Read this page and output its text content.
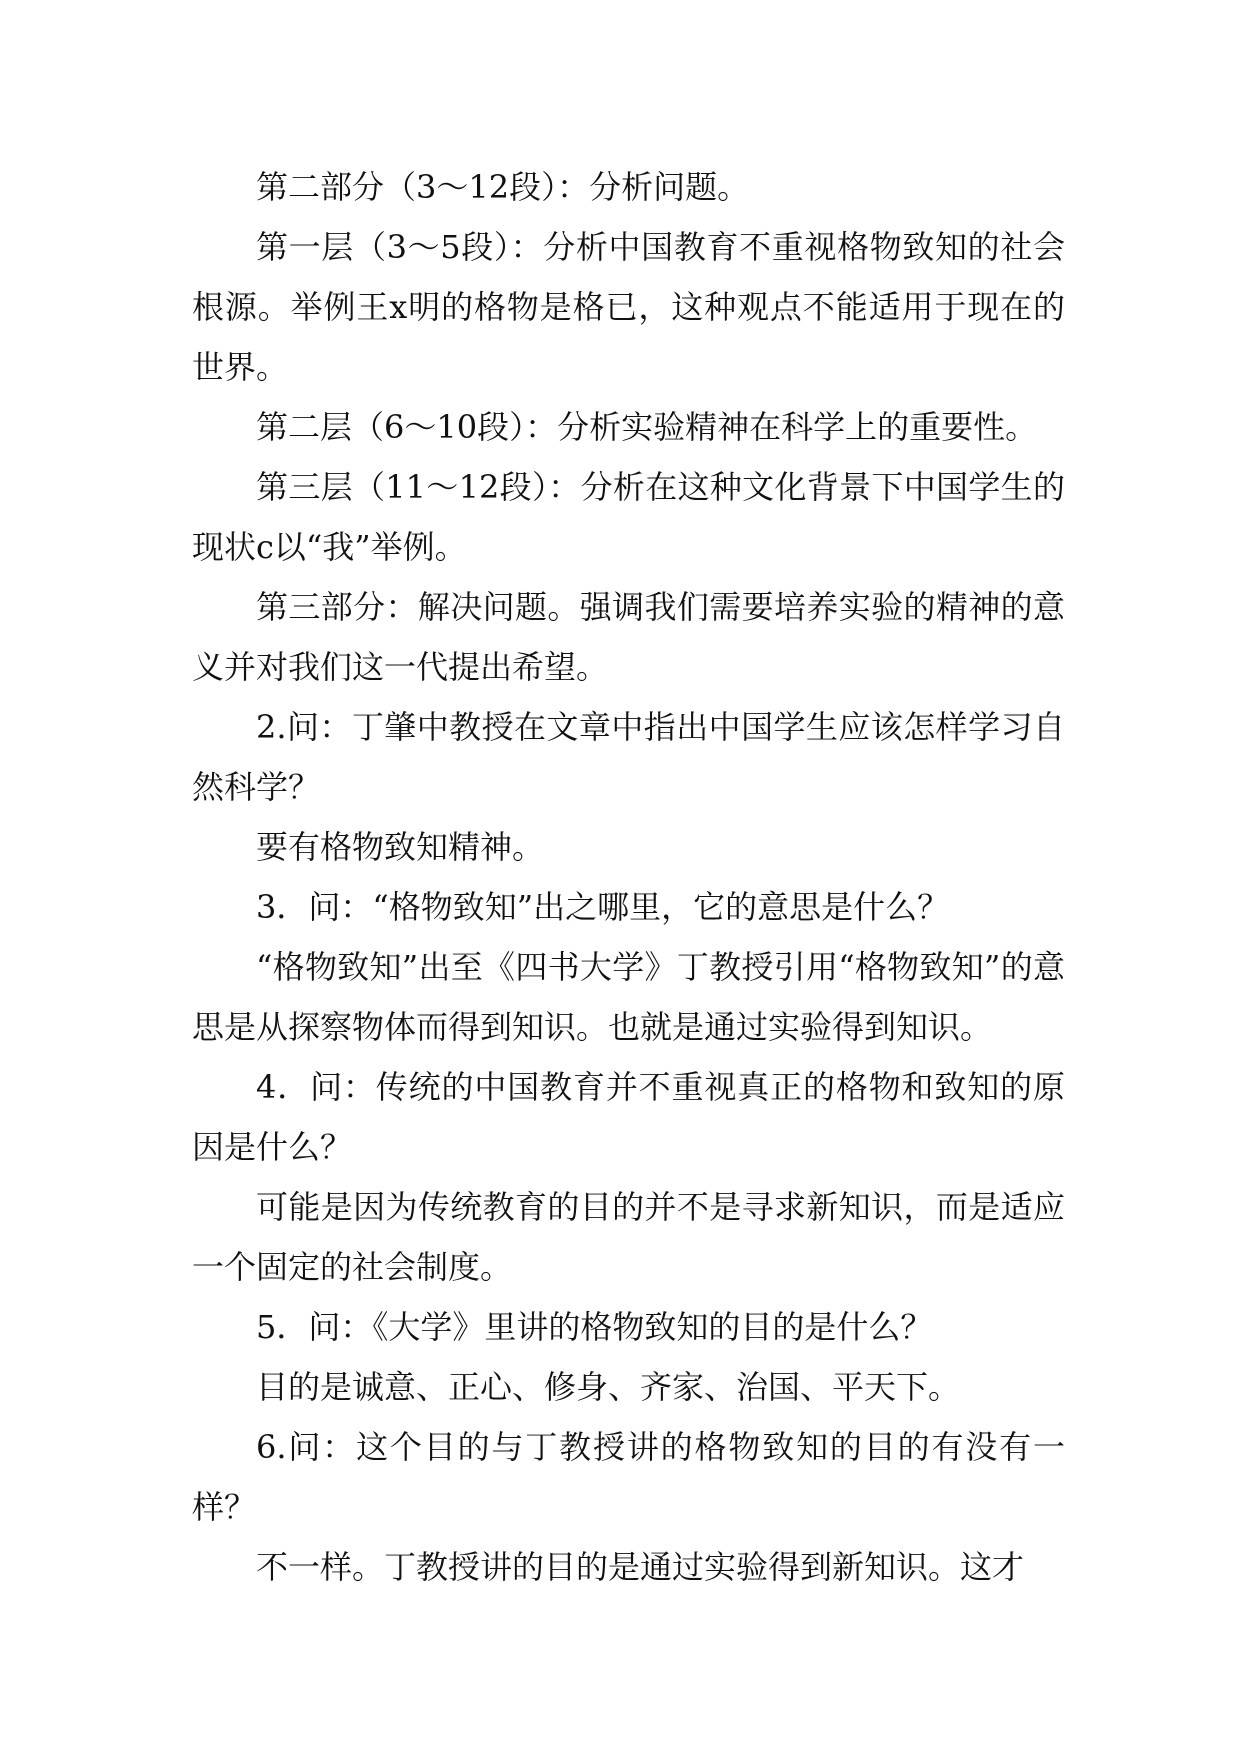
第二部分（3～12段）：分析问题。

第一层（3～5段）：分析中国教育不重视格物致知的社会根源。举例王x明的格物是格已，这种观点不能适用于现在的世界。

第二层（6～10段）：分析实验精神在科学上的重要性。

第三层（11～12段）：分析在这种文化背景下中国学生的现状c以“我”举例。

第三部分：解决问题。强调我们需要培养实验的精神的意义并对我们这一代提出希望。

2.问：丁肇中教授在文章中指出中国学生应该怎样学习自然科学？

要有格物致知精神。

3．问：“格物致知”出之哪里，它的意思是什么？

“格物致知”出至《四书大学》丁教授引用“格物致知”的意思是从探察物体而得到知识。也就是通过实验得到知识。

4．问：传统的中国教育并不重视真正的格物和致知的原因是什么？

可能是因为传统教育的目的并不是寻求新知识，而是适应一个固定的社会制度。

5．问：《大学》里讲的格物致知的目的是什么？

目的是诚意、正心、修身、齐家、治国、平天下。

6.问：这个目的与丁教授讲的格物致知的目的有没有一样？

不一样。丁教授讲的目的是通过实验得到新知识。这才
